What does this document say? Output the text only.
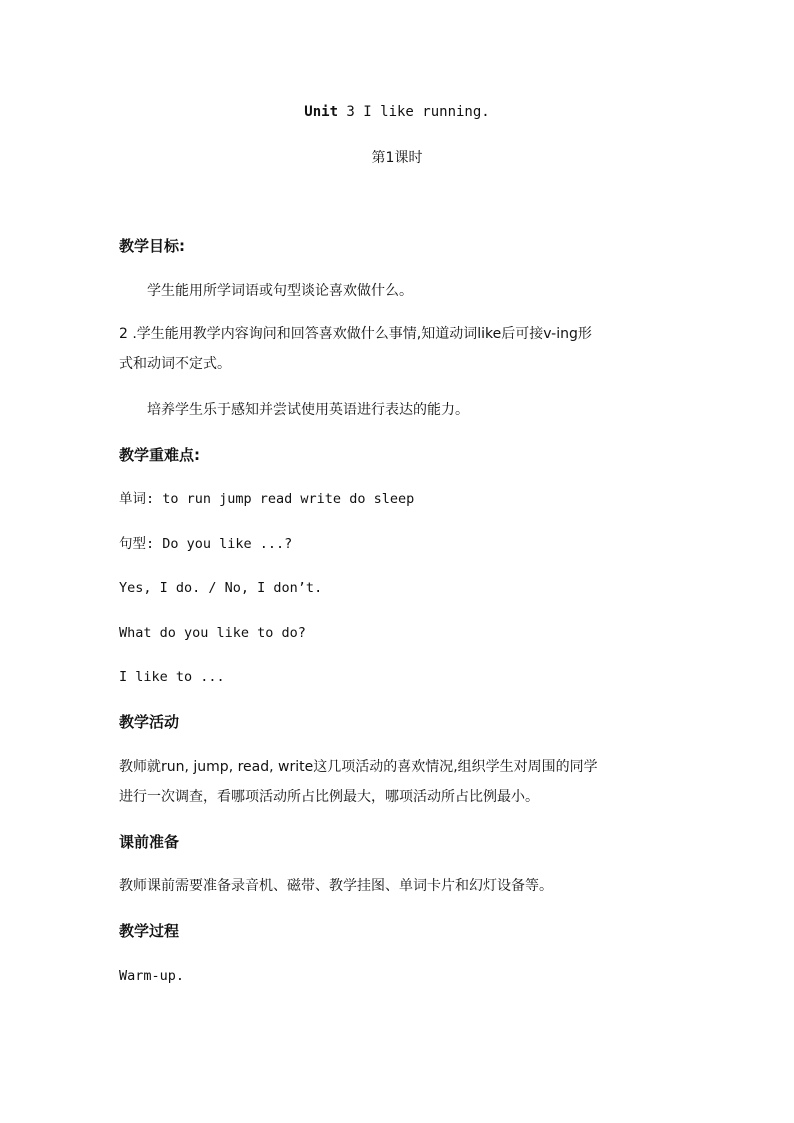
Unit 3 I like running.
第1课时
教学目标:
学生能用所学词语或句型谈论喜欢做什么。
2 .学生能用教学内容询问和回答喜欢做什么事情,知道动词like后可接v-ing形
式和动词不定式。
培养学生乐于感知并尝试使用英语进行表达的能力。
教学重难点:
单词: to run jump read write do sleep
句型: Do you like ...?
Yes, I do. / No, I don’t.
What do you like to do?
I like to ...
教学活动
教师就run, jump, read, write这几项活动的喜欢情况,组织学生对周围的同学
进行一次调查，看哪项活动所占比例最大，哪项活动所占比例最小。
课前准备
教师课前需要准备录音机、磁带、教学挂图、单词卡片和幻灯设备等。
教学过程
Warm-up.
